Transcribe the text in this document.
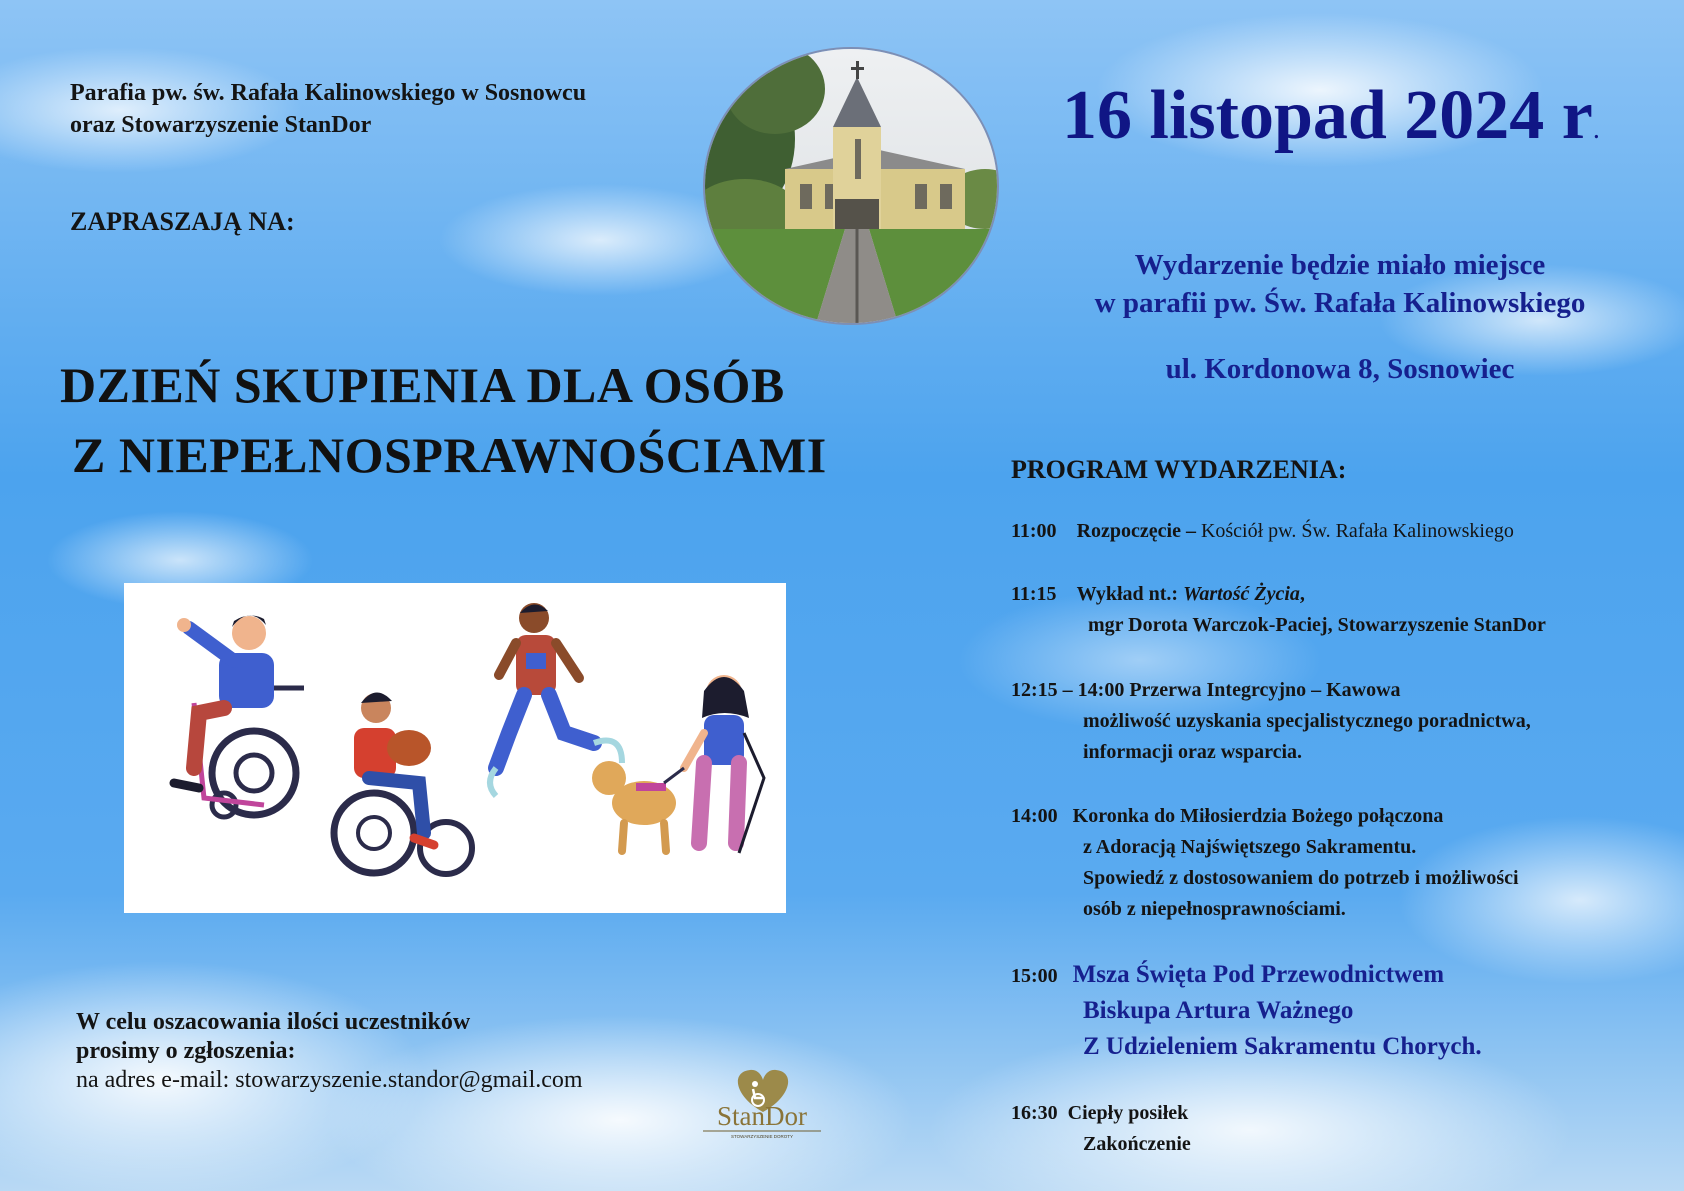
Parafia pw. św. Rafała Kalinowskiego w Sosnowcu
oraz Stowarzyszenie StanDor
ZAPRASZAJĄ NA:
DZIEŃ SKUPIENIA DLA OSÓB
Z NIEPEŁNOSPRAWNOŚCIAMI
16 listopad 2024 r.
Wydarzenie będzie miało miejsce
w parafii pw. Św. Rafała Kalinowskiego
ul. Kordonowa 8, Sosnowiec
PROGRAM WYDARZENIA:
11:00 Rozpoczęcie – Kościół pw. Św. Rafała Kalinowskiego
11:15 Wykład nt.: Wartość Życia,
mgr Dorota Warczok-Paciej, Stowarzyszenie StanDor
12:15 – 14:00 Przerwa Integrcyjno – Kawowa
możliwość uzyskania specjalistycznego poradnictwa,
informacji oraz wsparcia.
14:00 Koronka do Miłosierdzia Bożego połączona
z Adoracją Najświętszego Sakramentu.
Spowiedź z dostosowaniem do potrzeb i możliwości
osób z niepełnosprawnościami.
15:00 Msza Święta Pod Przewodnictwem
Biskupa Artura Ważnego
Z Udzieleniem Sakramentu Chorych.
16:30 Ciepły posiłek
Zakończenie
W celu oszacowania ilości uczestników
prosimy o zgłoszenia:
na adres e-mail: stowarzyszenie.standor@gmail.com
StanDor
STOWARZYSZENIE DOROTY
